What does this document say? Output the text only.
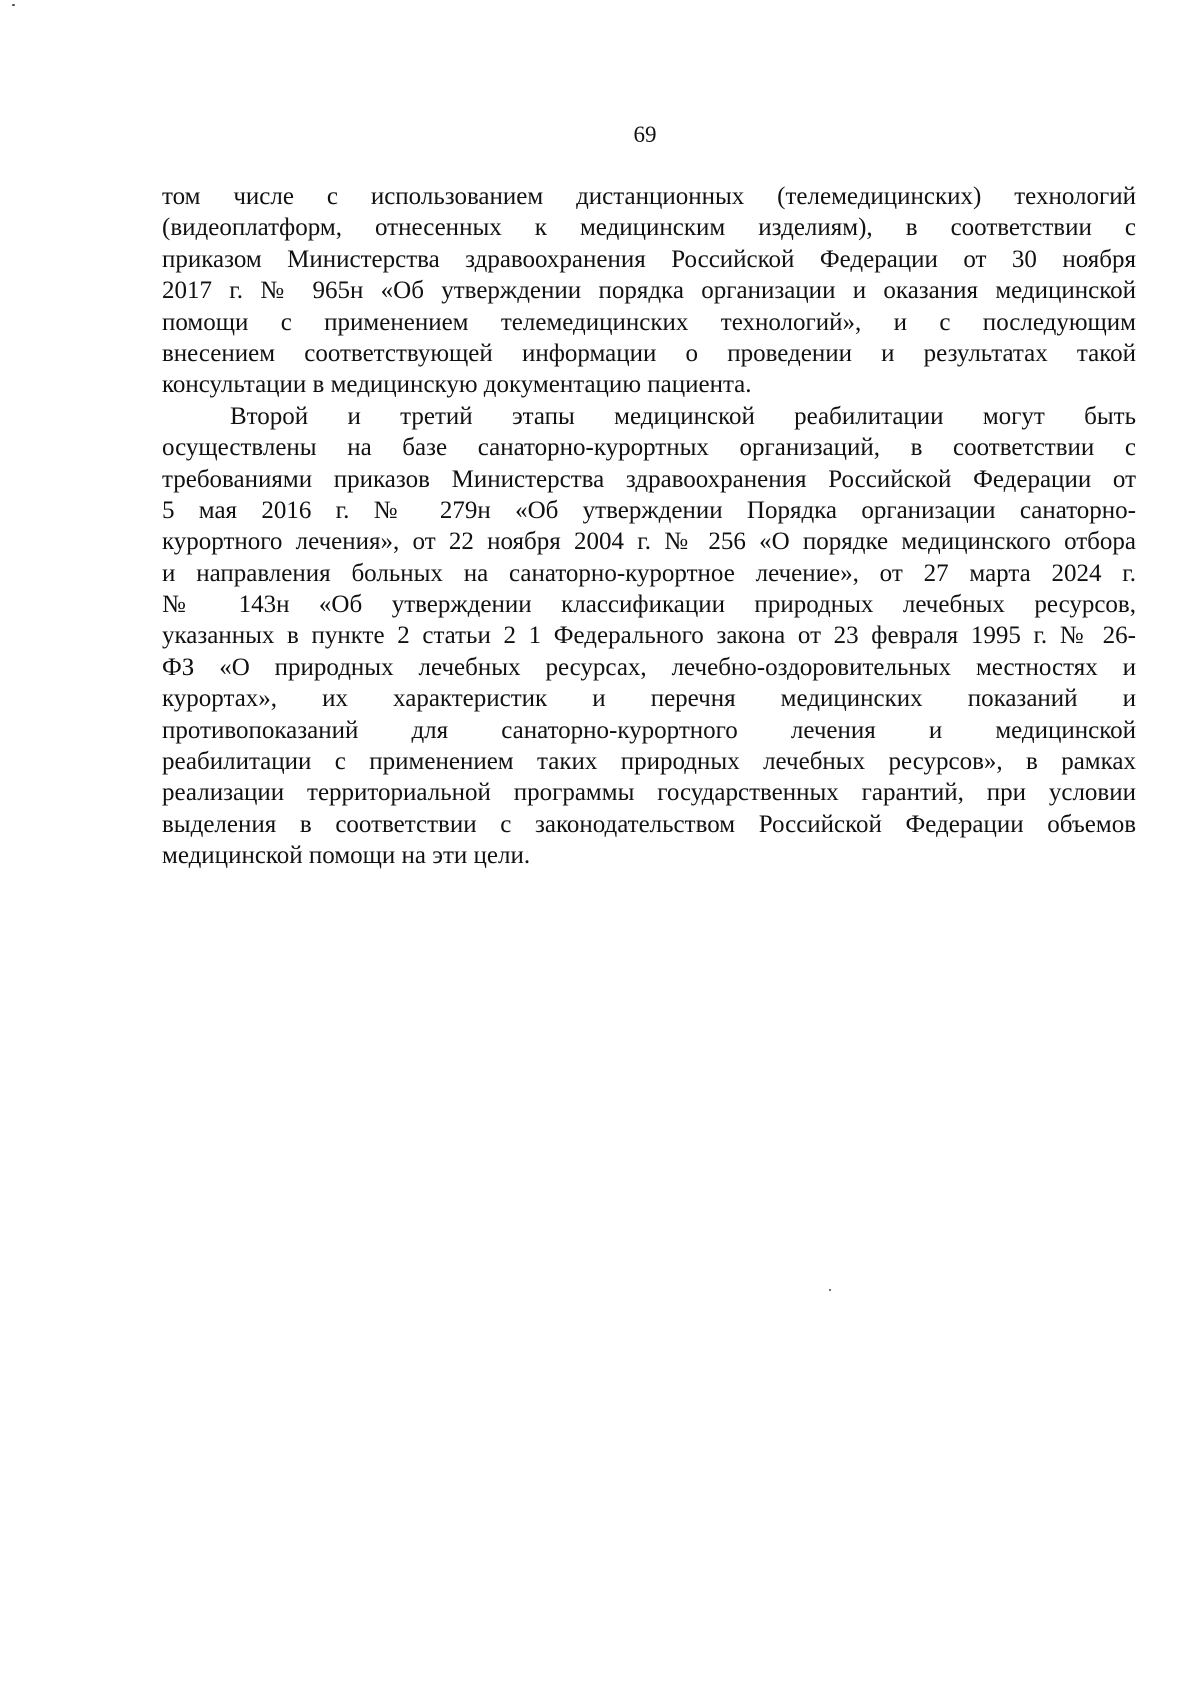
69
том числе с использованием дистанционных (телемедицинских) технологий
(видеоплатформ, отнесенных к медицинским изделиям), в соответствии с
приказом Министерства здравоохранения Российской Федерации от 30 ноября
2017 г. № 965н «Об утверждении порядка организации и оказания медицинской
помощи с применением телемедицинских технологий», и с последующим
внесением соответствующей информации о проведении и результатах такой
консультации в медицинскую документацию пациента.
Второй и третий этапы медицинской реабилитации могут быть
осуществлены на базе санаторно-курортных организаций, в соответствии с
требованиями приказов Министерства здравоохранения Российской Федерации от
5 мая 2016 г. № 279н «Об утверждении Порядка организации санаторно-
курортного лечения», от 22 ноября 2004 г. № 256 «О порядке медицинского отбора
и направления больных на санаторно-курортное лечение», от 27 марта 2024 г.
№ 143н «Об утверждении классификации природных лечебных ресурсов,
указанных в пункте 2 статьи 2 1 Федерального закона от 23 февраля 1995 г. № 26-
ФЗ «О природных лечебных ресурсах, лечебно-оздоровительных местностях и
курортах», их характеристик и перечня медицинских показаний и
противопоказаний для санаторно-курортного лечения и медицинской
реабилитации с применением таких природных лечебных ресурсов», в рамках
реализации территориальной программы государственных гарантий, при условии
выделения в соответствии с законодательством Российской Федерации объемов
медицинской помощи на эти цели.
